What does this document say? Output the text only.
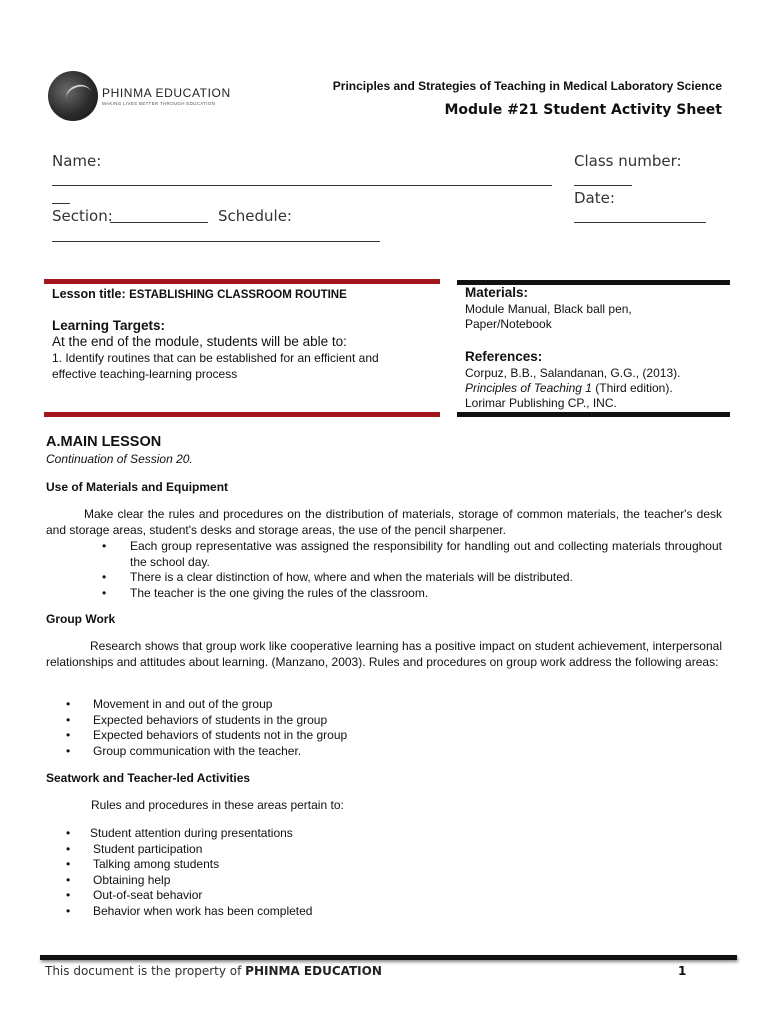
PHINMA EDUCATION
MAKING LIVES BETTER THROUGH EDUCATION
Principles and Strategies of Teaching in Medical Laboratory Science
Module #21 Student Activity Sheet
Name:
Section:	Schedule:
Class number:
Date:
Lesson title: ESTABLISHING CLASSROOM ROUTINE
Learning Targets:
At the end of the module, students will be able to:
1. Identify routines that can be established for an efficient and effective teaching-learning process
Materials:
Module Manual, Black ball pen, Paper/Notebook
References:
Corpuz, B.B., Salandanan, G.G., (2013).
Principles of Teaching 1 (Third edition).
Lorimar Publishing CP., INC.
A.MAIN LESSON
Continuation of Session 20.
Use of Materials and Equipment
Make clear the rules and procedures on the distribution of materials, storage of common materials, the teacher's desk and storage areas, student's desks and storage areas, the use of the pencil sharpener.
• Each group representative was assigned the responsibility for handling out and collecting materials throughout the school day.
• There is a clear distinction of how, where and when the materials will be distributed.
• The teacher is the one giving the rules of the classroom.
Group Work
Research shows that group work like cooperative learning has a positive impact on student achievement, interpersonal relationships and attitudes about learning. (Manzano, 2003). Rules and procedures on group work address the following areas:
• Movement in and out of the group
• Expected behaviors of students in the group
• Expected behaviors of students not in the group
• Group communication with the teacher.
Seatwork and Teacher-led Activities
Rules and procedures in these areas pertain to:
• Student attention during presentations
• Student participation
• Talking among students
• Obtaining help
• Out-of-seat behavior
• Behavior when work has been completed
This document is the property of PHINMA EDUCATION	1
